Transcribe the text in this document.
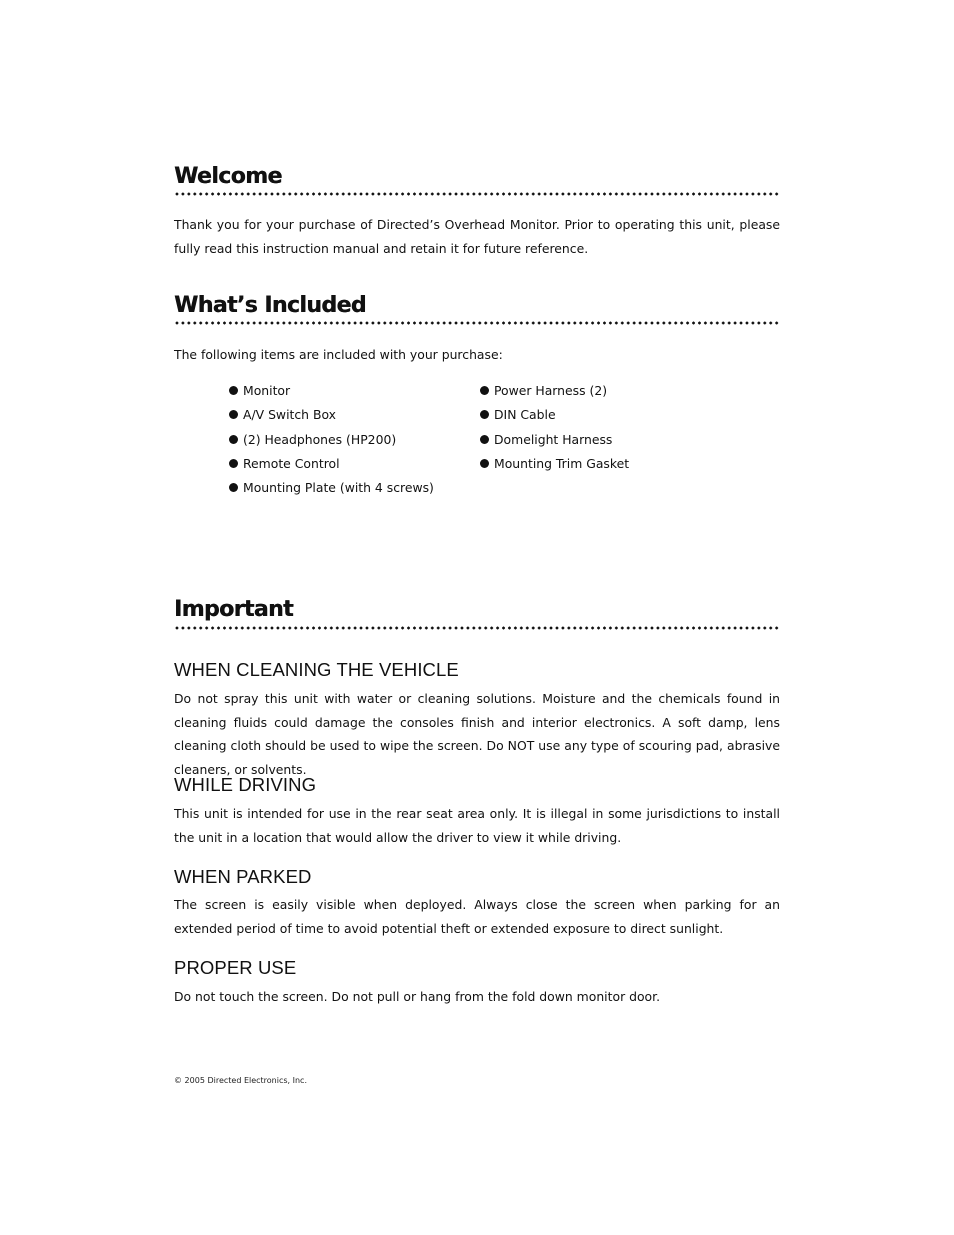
Welcome

Thank you for your purchase of Directed’s Overhead Monitor. Prior to operating this unit, please fully read this instruction manual and retain it for future reference.

What’s Included

The following items are included with your purchase:

Monitor
A/V Switch Box
(2) Headphones (HP200)
Remote Control
Mounting Plate (with 4 screws)
Power Harness (2)
DIN Cable
Domelight Harness
Mounting Trim Gasket
Important
WHEN CLEANING THE VEHICLE

Do not spray this unit with water or cleaning solutions. Moisture and the chemicals found in cleaning fluids could damage the consoles finish and interior electronics. A soft damp, lens cleaning cloth should be used to wipe the screen. Do NOT use any type of scouring pad, abrasive cleaners, or solvents.

WHILE DRIVING

This unit is intended for use in the rear seat area only. It is illegal in some jurisdictions to install the unit in a location that would allow the driver to view it while driving.

WHEN PARKED

The screen is easily visible when deployed. Always close the screen when parking for an extended period of time to avoid potential theft or extended exposure to direct sunlight.

PROPER USE

Do not touch the screen. Do not pull or hang from the fold down monitor door.

© 2005 Directed Electronics, Inc.
